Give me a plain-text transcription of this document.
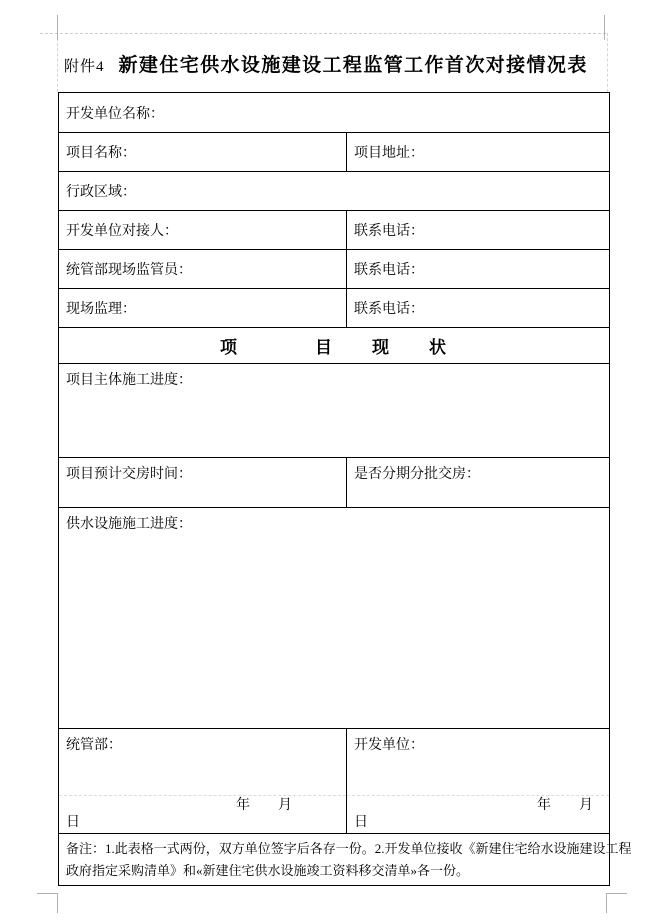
附件4 新建住宅供水设施建设工程监管工作首次对接情况表
开发单位名称：
项目名称：	项目地址：
行政区域：
开发单位对接人：	联系电话：
统管部现场监管员：	联系电话：
现场监理：	联系电话：
项　　　　目　　现　　状
项目主体施工进度：
项目预计交房时间：	是否分期分批交房：
供水设施施工进度：
统管部：
年　　月
日
开发单位：
年　　月
日
备注：1.此表格一式两份，双方单位签字后各存一份。2.开发单位接收《新建住宅给水设施建设工程
政府指定采购清单》和«新建住宅供水设施竣工资料移交清单»各一份。
